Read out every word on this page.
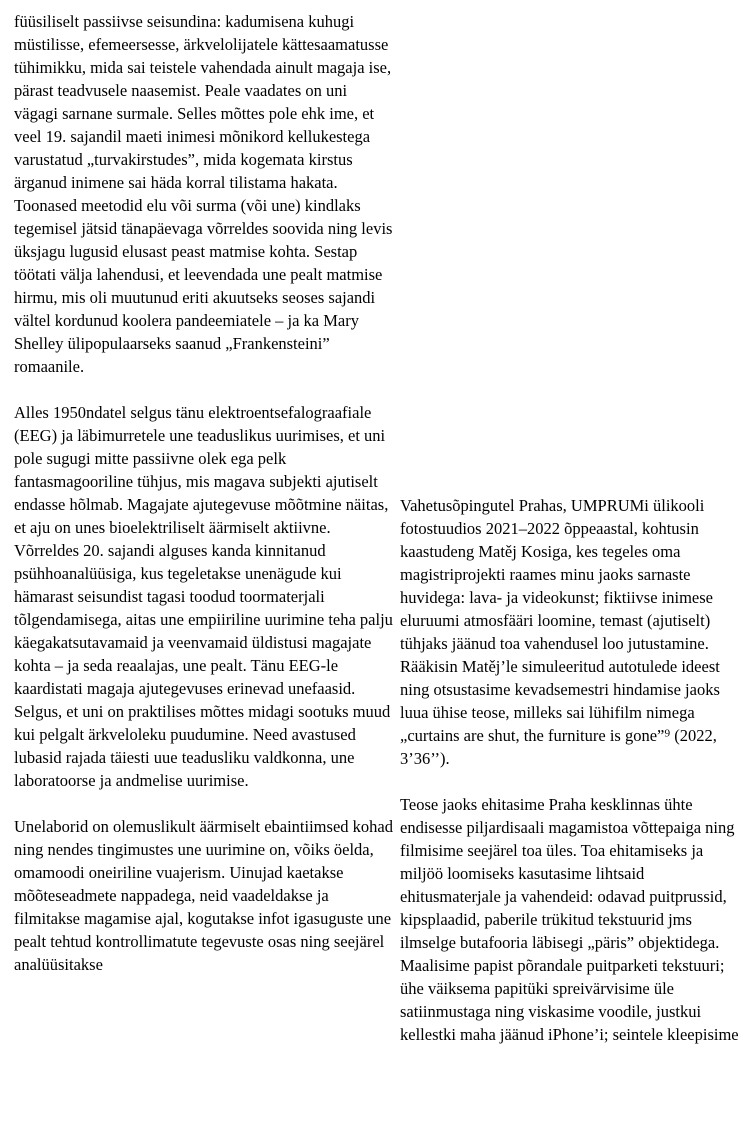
füüsiliselt passiivse seisundina: kadumisena kuhugi müstilisse, efemeersesse, ärkvelolijatele kättesaamatusse tühimikku, mida sai teistele vahendada ainult magaja ise, pärast teadvusele naasemist. Peale vaadates on uni vägagi sarnane surmale. Selles mõttes pole ehk ime, et veel 19. sajandil maeti inimesi mõnikord kellukestega varustatud „turvakirstudes”, mida kogemata kirstus ärganud inimene sai häda korral tilistama hakata. Toonased meetodid elu või surma (või une) kindlaks tegemisel jätsid tänapäevaga võrreldes soovida ning levis üksjagu lugusid elusast peast matmise kohta. Sestap töötati välja lahendusi, et leevendada une pealt matmise hirmu, mis oli muutunud eriti akuutseks seoses sajandi vältel kordunud koolera pandeemiatele – ja ka Mary Shelley ülipopulaarseks saanud „Frankensteini” romaanile.

Alles 1950ndatel selgus tänu elektroentsefalograafiale (EEG) ja läbimurretele une teaduslikus uurimises, et uni pole sugugi mitte passiivne olek ega pelk fantasmagooriline tühjus, mis magava subjekti ajutiselt endasse hõlmab. Magajate ajutegevuse mõõtmine näitas, et aju on unes bioelektriliselt äärmiselt aktiivne. Võrreldes 20. sajandi alguses kanda kinnitanud psühhoanalüüsiga, kus tegeletakse unenägude kui hämarast seisundist tagasi toodud toormaterjali tõlgendamisega, aitas une empiiriline uurimine teha palju käegakatsutavamaid ja veenvamaid üldistusi magajate kohta – ja seda reaalajas, une pealt. Tänu EEG-le kaardistati magaja ajutegevuses erinevad unefaasid. Selgus, et uni on praktilises mõttes midagi sootuks muud kui pelgalt ärkveloleku puudumine. Need avastused lubasid rajada täiesti uue teadusliku valdkonna, une laboratoorse ja andmelise uurimise.

Unelaborid on olemuslikult äärmiselt ebaintiimsed kohad ning nendes tingimustes une uurimine on, võiks öelda, omamoodi oneiriline vuajerism. Uinujad kaetakse mõõteseadmete nappadega, neid vaadeldakse ja filmitakse magamise ajal, kogutakse infot igasuguste une pealt tehtud kontrollimatute tegevuste osas ning seejärel analüüsitakse

Vahetusõpingutel Prahas, UMPRUMi ülikooli fotostuudios 2021–2022 õppeaastal, kohtusin kaastudeng Matěj Kosiga, kes tegeles oma magistriprojekti raames minu jaoks sarnaste huvidega: lava- ja videokunst; fiktiivse inimese eluruumi atmosfääri loomine, temast (ajutiselt) tühjaks jäänud toa vahendusel loo jutustamine. Rääkisin Matěj’le simuleeritud autotulede ideest ning otsustasime kevadsemestri hindamise jaoks luua ühise teose, milleks sai lühifilm nimega „curtains are shut, the furniture is gone”⁹ (2022, 3’36’’).

Teose jaoks ehitasime Praha kesklinnas ühte endisesse piljardisaali magamistoa võttepaiga ning filmisime seejärel toa üles. Toa ehitamiseks ja miljöö loomiseks kasutasime lihtsaid ehitusmaterjale ja vahendeid: odavad puitprussid, kipsplaadid, paberile trükitud tekstuurid jms ilmselge butafooria läbisegi „päris” objektidega. Maalisime papist põrandale puitparketi tekstuuri; ühe väiksema papitüki spreivärvisime üle satiinmustaga ning viskasime voodile, justkui kellestki maha jäänud iPhone’i; seintele kleepisime
